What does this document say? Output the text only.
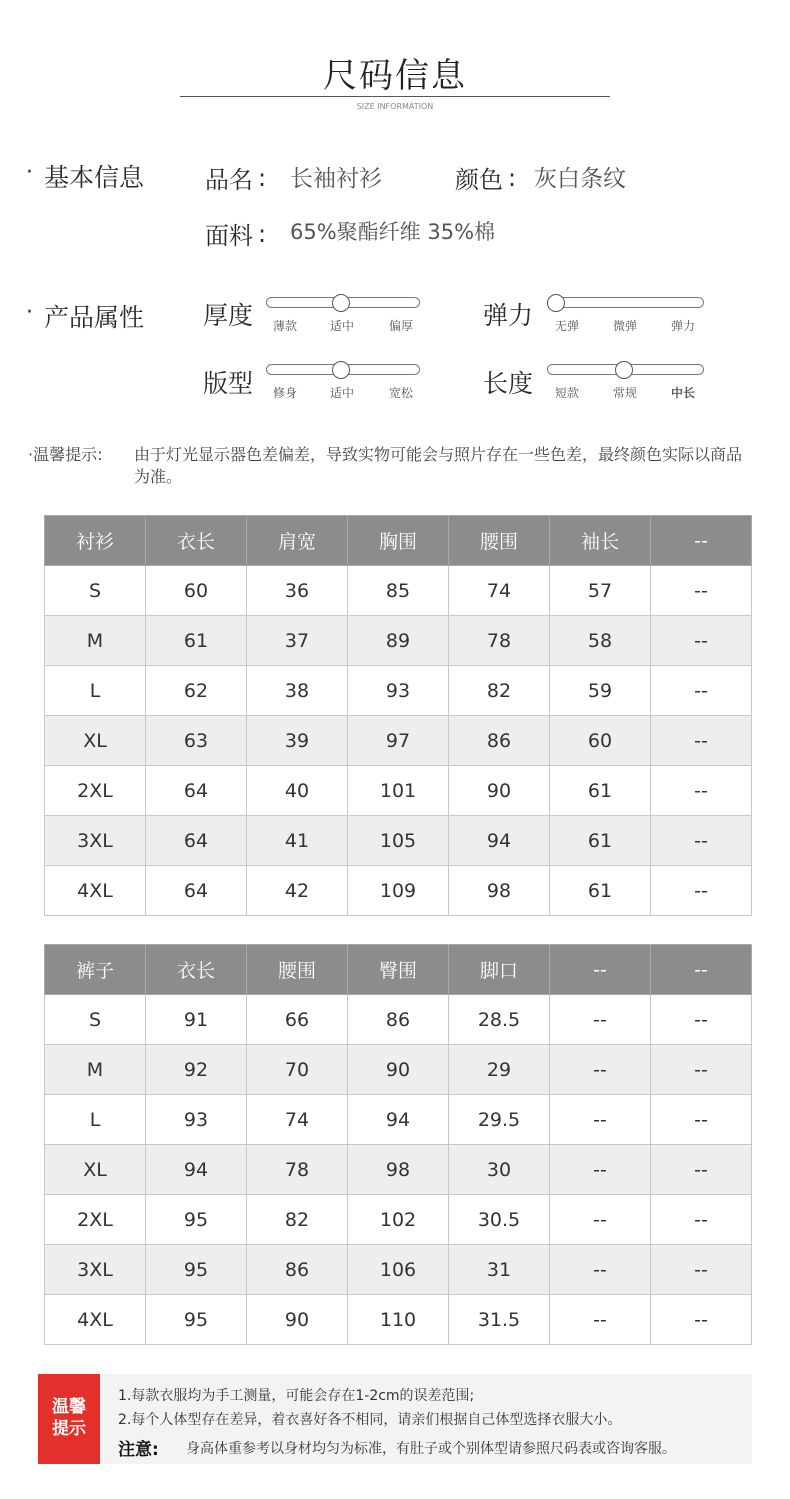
尺码信息
SIZE INFORMATION
· 基本信息	品名 : 长袖衬衫	颜色 : 灰白条纹
面料 : 65%聚酯纤维 35%棉
· 产品属性 厚度	薄款	适中	偏厚	弹力	无弹	微弹	弹力
版型	修身	适中	宽松	长度	短款	常规	中长
·温馨提示: 由于灯光显示器色差偏差，导致实物可能会与照片存在一些色差，最终颜色实际以商品为准。
衬衫	衣长	肩宽	胸围	腰围	袖长	--
S	60	36	85	74	57	--
M	61	37	89	78	58	--
L	62	38	93	82	59	--
XL	63	39	97	86	60	--
2XL	64	40	101	90	61	--
3XL	64	41	105	94	61	--
4XL	64	42	109	98	61	--
裤子	衣长	腰围	臀围	脚口	--	--
S	91	66	86	28.5	--	--
M	92	70	90	29	--	--
L	93	74	94	29.5	--	--
XL	94	78	98	30	--	--
2XL	95	82	102	30.5	--	--
3XL	95	86	106	31	--	--
4XL	95	90	110	31.5	--	--
温馨
提示
1.每款衣服均为手工测量，可能会存在1-2cm的误差范围;
2.每个人体型存在差异，着衣喜好各不相同，请亲们根据自己体型选择衣服大小。
注意: 身高体重参考以身材均匀为标准，有肚子或个别体型请参照尺码表或咨询客服。
